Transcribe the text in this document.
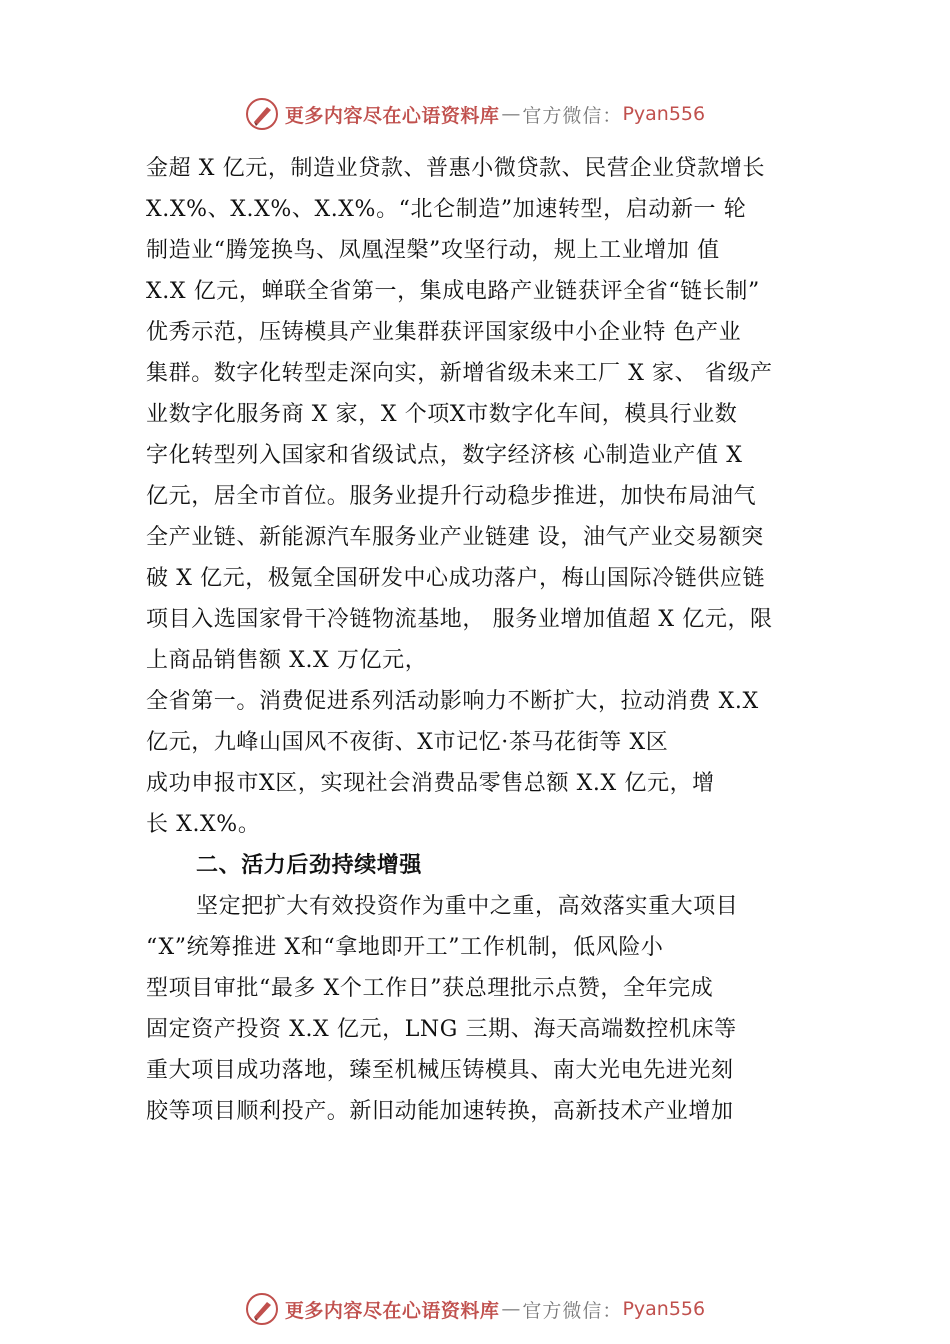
更多内容尽在心语资料库 — 官方微信： Pyan556
金超 X 亿元，制造业贷款、普惠小微贷款、民营企业贷款增长
X.X%、X.X%、X.X%。“北仑制造”加速转型，启动新一 轮
制造业“腾笼换鸟、凤凰涅槃”攻坚行动，规上工业增加 值
X.X 亿元，蝉联全省第一，集成电路产业链获评全省“链长制”
优秀示范，压铸模具产业集群获评国家级中小企业特 色产业
集群。数字化转型走深向实，新增省级未来工厂 X 家、 省级产
业数字化服务商 X 家，X 个项X市数字化车间，模具行业数
字化转型列入国家和省级试点，数字经济核 心制造业产值 X
亿元，居全市首位。服务业提升行动稳步推进，加快布局油气
全产业链、新能源汽车服务业产业链建 设，油气产业交易额突
破 X 亿元，极氪全国研发中心成功落户，梅山国际冷链供应链
项目入选国家骨干冷链物流基地， 服务业增加值超 X 亿元，限
上商品销售额 X.X 万亿元，
全省第一。消费促进系列活动影响力不断扩大，拉动消费 X.X
亿元，九峰山国风不夜街、X市记忆·茶马花街等 X区
成功申报市X区，实现社会消费品零售总额 X.X 亿元，增
长 X.X%。
二、活力后劲持续增强
坚定把扩大有效投资作为重中之重，高效落实重大项目
“X”统筹推进 X和“拿地即开工”工作机制，低风险小
型项目审批“最多 X个工作日”获总理批示点赞，全年完成
固定资产投资 X.X 亿元，LNG 三期、海天高端数控机床等
重大项目成功落地，臻至机械压铸模具、南大光电先进光刻
胶等项目顺利投产。新旧动能加速转换，高新技术产业增加
更多内容尽在心语资料库 — 官方微信： Pyan556
